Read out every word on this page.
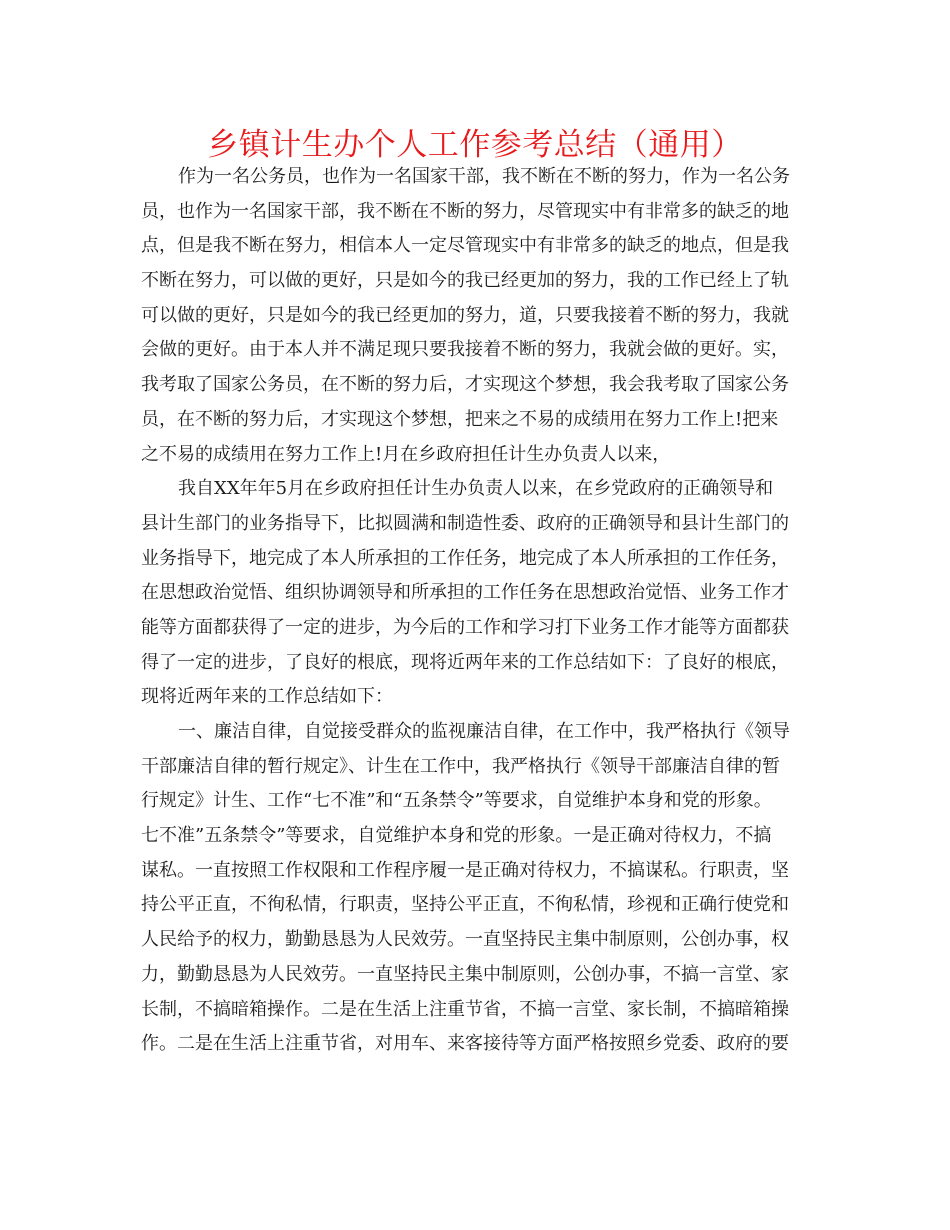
乡镇计生办个人工作参考总结（通用）
作为一名公务员，也作为一名国家干部，我不断在不断的努力，作为一名公务
员，也作为一名国家干部，我不断在不断的努力，尽管现实中有非常多的缺乏的地
点，但是我不断在努力，相信本人一定尽管现实中有非常多的缺乏的地点，但是我
不断在努力，可以做的更好，只是如今的我已经更加的努力，我的工作已经上了轨
可以做的更好，只是如今的我已经更加的努力，道，只要我接着不断的努力，我就
会做的更好。由于本人并不满足现只要我接着不断的努力，我就会做的更好。实，
我考取了国家公务员，在不断的努力后，才实现这个梦想，我会我考取了国家公务
员，在不断的努力后，才实现这个梦想，把来之不易的成绩用在努力工作上!把来
之不易的成绩用在努力工作上!月在乡政府担任计生办负责人以来，
我自XX年年5月在乡政府担任计生办负责人以来，在乡党政府的正确领导和
县计生部门的业务指导下，比拟圆满和制造性委、政府的正确领导和县计生部门的
业务指导下，地完成了本人所承担的工作任务，地完成了本人所承担的工作任务，
在思想政治觉悟、组织协调领导和所承担的工作任务在思想政治觉悟、业务工作才
能等方面都获得了一定的进步，为今后的工作和学习打下业务工作才能等方面都获
得了一定的进步，了良好的根底，现将近两年来的工作总结如下：了良好的根底，
现将近两年来的工作总结如下：
一、廉洁自律，自觉接受群众的监视廉洁自律，在工作中，我严格执行《领导
干部廉洁自律的暂行规定》、计生在工作中，我严格执行《领导干部廉洁自律的暂
行规定》计生、工作“七不准”和“五条禁令”等要求，自觉维护本身和党的形象。
七不准”五条禁令”等要求，自觉维护本身和党的形象。一是正确对待权力，不搞
谋私。一直按照工作权限和工作程序履一是正确对待权力，不搞谋私。行职责，坚
持公平正直，不徇私情，行职责，坚持公平正直，不徇私情，珍视和正确行使党和
人民给予的权力，勤勤恳恳为人民效劳。一直坚持民主集中制原则，公创办事，权
力，勤勤恳恳为人民效劳。一直坚持民主集中制原则，公创办事，不搞一言堂、家
长制，不搞暗箱操作。二是在生活上注重节省，不搞一言堂、家长制，不搞暗箱操
作。二是在生活上注重节省，对用车、来客接待等方面严格按照乡党委、政府的要
